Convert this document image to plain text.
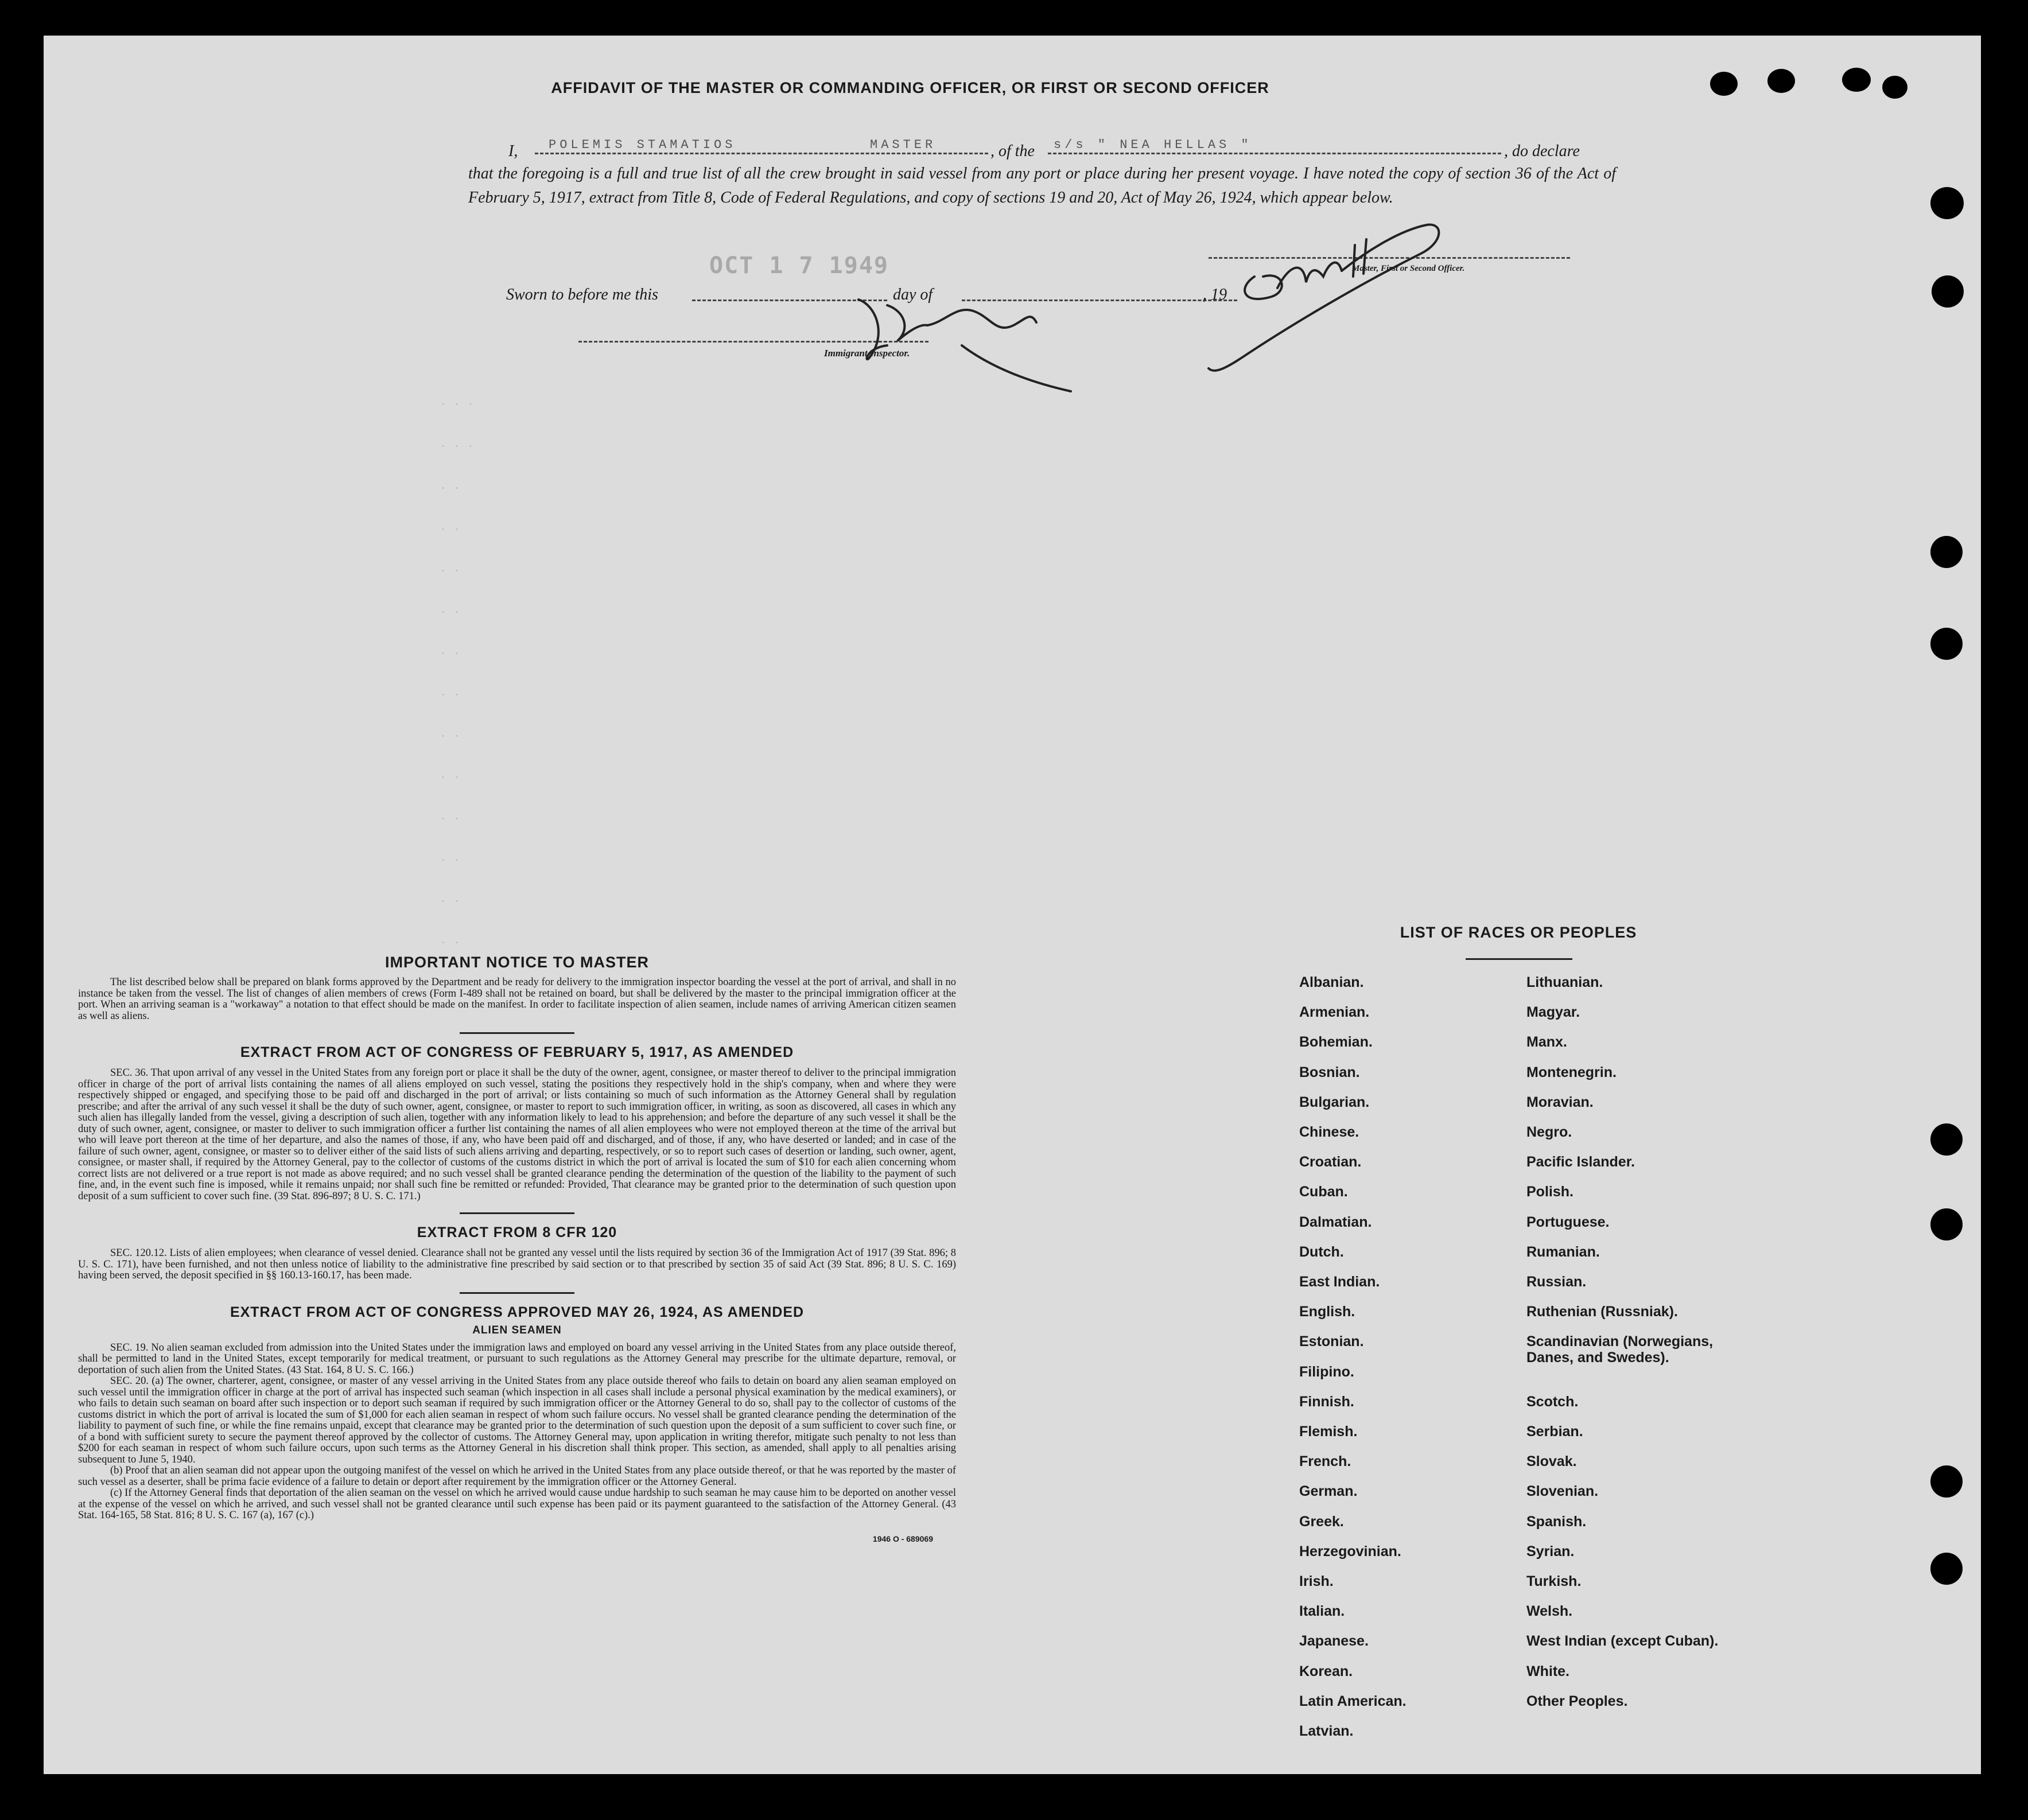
AFFIDAVIT OF THE MASTER OR COMMANDING OFFICER, OR FIRST OR SECOND OFFICER
I, POLEMIS STAMATIOS	MASTER	, of the s/s " NEA HELLAS "	, do declare
that the foregoing is a full and true list of all the crew brought in said vessel from any port or place during her present voyage. I have noted the copy of section 36 of the Act of February 5, 1917, extract from Title 8, Code of Federal Regulations, and copy of sections 19 and 20, Act of May 26, 1924, which appear below.
OCT 1 7 1949	Master, First or Second Officer.
Sworn to before me this	day of	, 19
Immigrant Inspector.
· · ·
· · ·
· ·
· ·
· ·
· ·
· ·
· ·
· ·
· ·
· ·
· ·
· ·
· ·
IMPORTANT NOTICE TO MASTER

The list described below shall be prepared on blank forms approved by the Department and be ready for delivery to the immigration inspector boarding the vessel at the port of arrival, and shall in no instance be taken from the vessel. The list of changes of alien members of crews (Form I-489 shall not be retained on board, but shall be delivered by the master to the principal immigration officer at the port. When an arriving seaman is a "workaway" a notation to that effect should be made on the manifest. In order to facilitate inspection of alien seamen, include names of arriving American citizen seamen as well as aliens.

EXTRACT FROM ACT OF CONGRESS OF FEBRUARY 5, 1917, AS AMENDED

SEC. 36. That upon arrival of any vessel in the United States from any foreign port or place it shall be the duty of the owner, agent, consignee, or master thereof to deliver to the principal immigration officer in charge of the port of arrival lists containing the names of all aliens employed on such vessel, stating the positions they respectively hold in the ship's company, when and where they were respectively shipped or engaged, and specifying those to be paid off and discharged in the port of arrival; or lists containing so much of such information as the Attorney General shall by regulation prescribe; and after the arrival of any such vessel it shall be the duty of such owner, agent, consignee, or master to report to such immigration officer, in writing, as soon as discovered, all cases in which any such alien has illegally landed from the vessel, giving a description of such alien, together with any information likely to lead to his apprehension; and before the departure of any such vessel it shall be the duty of such owner, agent, consignee, or master to deliver to such immigration officer a further list containing the names of all alien employees who were not employed thereon at the time of the arrival but who will leave port thereon at the time of her departure, and also the names of those, if any, who have been paid off and discharged, and of those, if any, who have deserted or landed; and in case of the failure of such owner, agent, consignee, or master so to deliver either of the said lists of such aliens arriving and departing, respectively, or so to report such cases of desertion or landing, such owner, agent, consignee, or master shall, if required by the Attorney General, pay to the collector of customs of the customs district in which the port of arrival is located the sum of $10 for each alien concerning whom correct lists are not delivered or a true report is not made as above required; and no such vessel shall be granted clearance pending the determination of the question of the liability to the payment of such fine, and, in the event such fine is imposed, while it remains unpaid; nor shall such fine be remitted or refunded: Provided, That clearance may be granted prior to the determination of such question upon deposit of a sum sufficient to cover such fine. (39 Stat. 896-897; 8 U. S. C. 171.)

EXTRACT FROM 8 CFR 120

SEC. 120.12. Lists of alien employees; when clearance of vessel denied. Clearance shall not be granted any vessel until the lists required by section 36 of the Immigration Act of 1917 (39 Stat. 896; 8 U. S. C. 171), have been furnished, and not then unless notice of liability to the administrative fine prescribed by said section or to that prescribed by section 35 of said Act (39 Stat. 896; 8 U. S. C. 169) having been served, the deposit specified in §§ 160.13-160.17, has been made.

EXTRACT FROM ACT OF CONGRESS APPROVED MAY 26, 1924, AS AMENDED
ALIEN SEAMEN

SEC. 19. No alien seaman excluded from admission into the United States under the immigration laws and employed on board any vessel arriving in the United States from any place outside thereof, shall be permitted to land in the United States, except temporarily for medical treatment, or pursuant to such regulations as the Attorney General may prescribe for the ultimate departure, removal, or deportation of such alien from the United States. (43 Stat. 164, 8 U. S. C. 166.)

SEC. 20. (a) The owner, charterer, agent, consignee, or master of any vessel arriving in the United States from any place outside thereof who fails to detain on board any alien seaman employed on such vessel until the immigration officer in charge at the port of arrival has inspected such seaman (which inspection in all cases shall include a personal physical examination by the medical examiners), or who fails to detain such seaman on board after such inspection or to deport such seaman if required by such immigration officer or the Attorney General to do so, shall pay to the collector of customs of the customs district in which the port of arrival is located the sum of $1,000 for each alien seaman in respect of whom such failure occurs. No vessel shall be granted clearance pending the determination of the liability to payment of such fine, or while the fine remains unpaid, except that clearance may be granted prior to the determination of such question upon the deposit of a sum sufficient to cover such fine, or of a bond with sufficient surety to secure the payment thereof approved by the collector of customs. The Attorney General may, upon application in writing therefor, mitigate such penalty to not less than $200 for each seaman in respect of whom such failure occurs, upon such terms as the Attorney General in his discretion shall think proper. This section, as amended, shall apply to all penalties arising subsequent to June 5, 1940.

(b) Proof that an alien seaman did not appear upon the outgoing manifest of the vessel on which he arrived in the United States from any place outside thereof, or that he was reported by the master of such vessel as a deserter, shall be prima facie evidence of a failure to detain or deport after requirement by the immigration officer or the Attorney General.

(c) If the Attorney General finds that deportation of the alien seaman on the vessel on which he arrived would cause undue hardship to such seaman he may cause him to be deported on another vessel at the expense of the vessel on which he arrived, and such vessel shall not be granted clearance until such expense has been paid or its payment guaranteed to the satisfaction of the Attorney General. (43 Stat. 164-165, 58 Stat. 816; 8 U. S. C. 167 (a), 167 (c).)

1946 O - 689069
LIST OF RACES OR PEOPLES
Albanian.
Armenian.
Bohemian.
Bosnian.
Bulgarian.
Chinese.
Croatian.
Cuban.
Dalmatian.
Dutch.
East Indian.
English.
Estonian.
Filipino.
Finnish.
Flemish.
French.
German.
Greek.
Herzegovinian.
Irish.
Italian.
Japanese.
Korean.
Latin American.
Latvian.
Lithuanian.
Magyar.
Manx.
Montenegrin.
Moravian.
Negro.
Pacific Islander.
Polish.
Portuguese.
Rumanian.
Russian.
Ruthenian (Russniak).
Scandinavian (Norwegians,
Danes, and Swedes).
Scotch.
Serbian.
Slovak.
Slovenian.
Spanish.
Syrian.
Turkish.
Welsh.
West Indian (except Cuban).
White.
Other Peoples.
